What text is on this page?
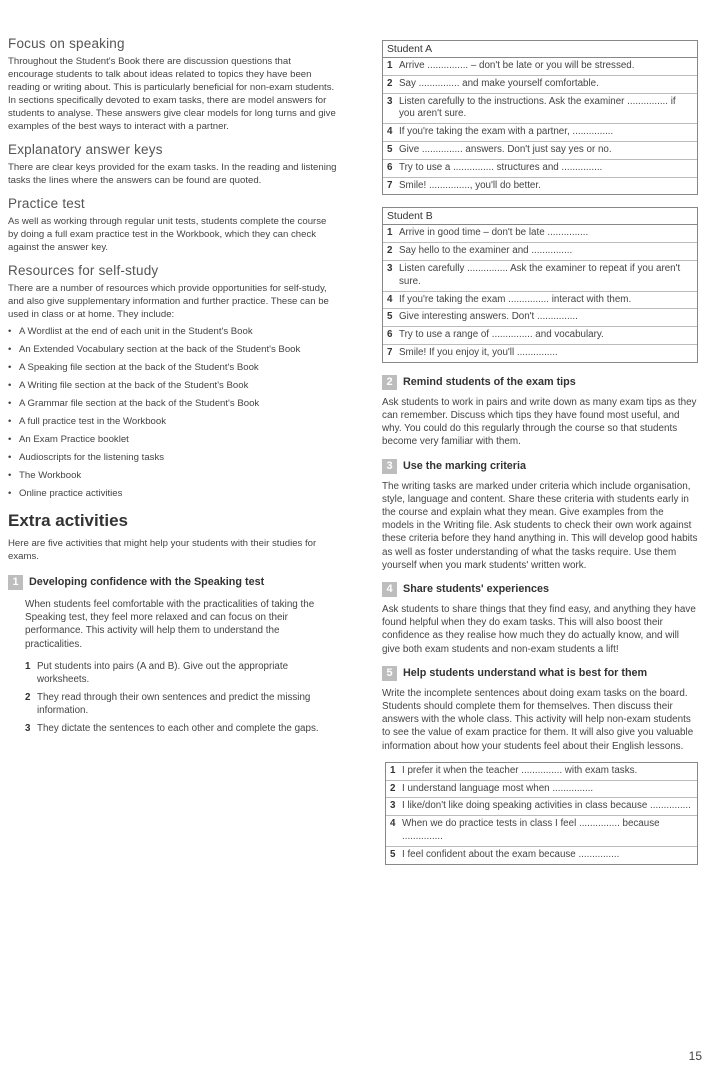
Focus on speaking

Throughout the Student's Book there are discussion questions that encourage students to talk about ideas related to topics they have been reading or writing about. This is particularly beneficial for non-exam students. In sections specifically devoted to exam tasks, there are model answers for students to analyse. These answers give clear models for long turns and give examples of the best ways to interact with a partner.

Explanatory answer keys

There are clear keys provided for the exam tasks. In the reading and listening tasks the lines where the answers can be found are quoted.

Practice test

As well as working through regular unit tests, students complete the course by doing a full exam practice test in the Workbook, which they can check against the answer key.

Resources for self-study

There are a number of resources which provide opportunities for self-study, and also give supplementary information and further practice. These can be used in class or at home. They include:

• A Wordlist at the end of each unit in the Student's Book
• An Extended Vocabulary section at the back of the Student's Book
• A Speaking file section at the back of the Student's Book
• A Writing file section at the back of the Student's Book
• A Grammar file section at the back of the Student's Book
• A full practice test in the Workbook
• An Exam Practice booklet
• Audioscripts for the listening tasks
• The Workbook
• Online practice activities
Extra activities

Here are five activities that might help your students with their studies for exams.

1 Developing confidence with the Speaking test

When students feel comfortable with the practicalities of taking the Speaking test, they feel more relaxed and can focus on their performance. This activity will help them to understand the practicalities.

1 Put students into pairs (A and B). Give out the appropriate worksheets.
2 They read through their own sentences and predict the missing information.
3 They dictate the sentences to each other and complete the gaps.
Student A
1 Arrive ............... – don't be late or you will be stressed.
2 Say ............... and make yourself comfortable.
3 Listen carefully to the instructions. Ask the examiner ............... if you aren't sure.
4 If you're taking the exam with a partner, ...............
5 Give ............... answers. Don't just say yes or no.
6 Try to use a ............... structures and ...............
7 Smile! ..............., you'll do better.
Student B
1 Arrive in good time – don't be late ...............
2 Say hello to the examiner and ...............
3 Listen carefully ............... Ask the examiner to repeat if you aren't sure.
4 If you're taking the exam ............... interact with them.
5 Give interesting answers. Don't ...............
6 Try to use a range of ............... and vocabulary.
7 Smile! If you enjoy it, you'll ...............
2 Remind students of the exam tips

Ask students to work in pairs and write down as many exam tips as they can remember. Discuss which tips they have found most useful, and why. You could do this regularly through the course so that students become very familiar with them.

3 Use the marking criteria

The writing tasks are marked under criteria which include organisation, style, language and content. Share these criteria with students early in the course and explain what they mean. Give examples from the models in the Writing file. Ask students to check their own work against these criteria before they hand anything in. This will develop good habits as well as foster understanding of what the tasks require. Use them yourself when you mark students' written work.

4 Share students' experiences

Ask students to share things that they find easy, and anything they have found helpful when they do exam tasks. This will also boost their confidence as they realise how much they do actually know, and will give both exam students and non-exam students a lift!

5 Help students understand what is best for them

Write the incomplete sentences about doing exam tasks on the board. Students should complete them for themselves. Then discuss their answers with the whole class. This activity will help non-exam students to see the value of exam practice for them. It will also give you valuable information about how your students feel about their English lessons.

1 I prefer it when the teacher ............... with exam tasks.
2 I understand language most when ...............
3 I like/don't like doing speaking activities in class because ...............
4 When we do practice tests in class I feel ............... because ...............
5 I feel confident about the exam because ...............
15
